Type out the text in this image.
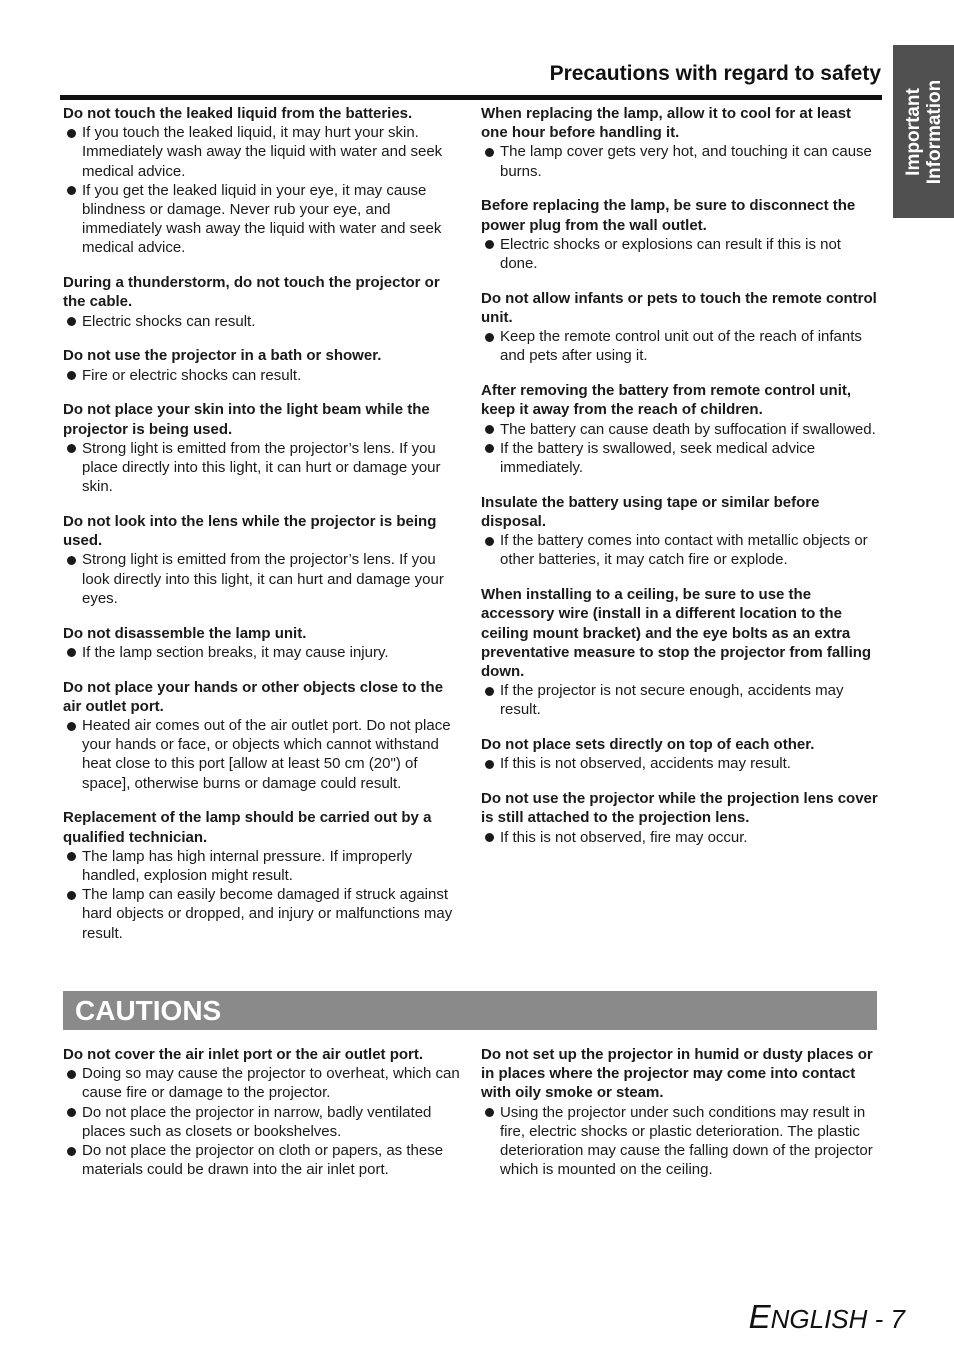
Important Information
Precautions with regard to safety

Do not touch the leaked liquid from the batteries.

If you touch the leaked liquid, it may hurt your skin. Immediately wash away the liquid with water and seek medical advice.
If you get the leaked liquid in your eye, it may cause blindness or damage. Never rub your eye, and immediately wash away the liquid with water and seek medical advice.

During a thunderstorm, do not touch the projector or the cable.

Electric shocks can result.

Do not use the projector in a bath or shower.

Fire or electric shocks can result.

Do not place your skin into the light beam while the projector is being used.

Strong light is emitted from the projector’s lens. If you place directly into this light, it can hurt or damage your skin.

Do not look into the lens while the projector is being used.

Strong light is emitted from the projector’s lens. If you look directly into this light, it can hurt and damage your eyes.

Do not disassemble the lamp unit.

If the lamp section breaks, it may cause injury.

Do not place your hands or other objects close to the air outlet port.

Heated air comes out of the air outlet port. Do not place your hands or face, or objects which cannot withstand heat close to this port [allow at least 50 cm (20") of space], otherwise burns or damage could result.

Replacement of the lamp should be carried out by a qualified technician.

The lamp has high internal pressure. If improperly handled, explosion might result.
The lamp can easily become damaged if struck against hard objects or dropped, and injury or malfunctions may result.

When replacing the lamp, allow it to cool for at least one hour before handling it.

The lamp cover gets very hot, and touching it can cause burns.

Before replacing the lamp, be sure to disconnect the power plug from the wall outlet.

Electric shocks or explosions can result if this is not done.

Do not allow infants or pets to touch the remote control unit.

Keep the remote control unit out of the reach of infants and pets after using it.

After removing the battery from remote control unit, keep it away from the reach of children.

The battery can cause death by suffocation if swallowed.
If the battery is swallowed, seek medical advice immediately.

Insulate the battery using tape or similar before disposal.

If the battery comes into contact with metallic objects or other batteries, it may catch fire or explode.

When installing to a ceiling, be sure to use the accessory wire (install in a different location to the ceiling mount bracket) and the eye bolts as an extra preventative measure to stop the projector from falling down.

If the projector is not secure enough, accidents may result.

Do not place sets directly on top of each other.

If this is not observed, accidents may result.

Do not use the projector while the projection lens cover is still attached to the projection lens.

If this is not observed, fire may occur.
CAUTIONS

Do not cover the air inlet port or the air outlet port.

Doing so may cause the projector to overheat, which can cause fire or damage to the projector.
Do not place the projector in narrow, badly ventilated places such as closets or bookshelves.
Do not place the projector on cloth or papers, as these materials could be drawn into the air inlet port.

Do not set up the projector in humid or dusty places or in places where the projector may come into contact with oily smoke or steam.

Using the projector under such conditions may result in fire, electric shocks or plastic deterioration. The plastic deterioration may cause the falling down of the projector which is mounted on the ceiling.
ENGLISH - 7
